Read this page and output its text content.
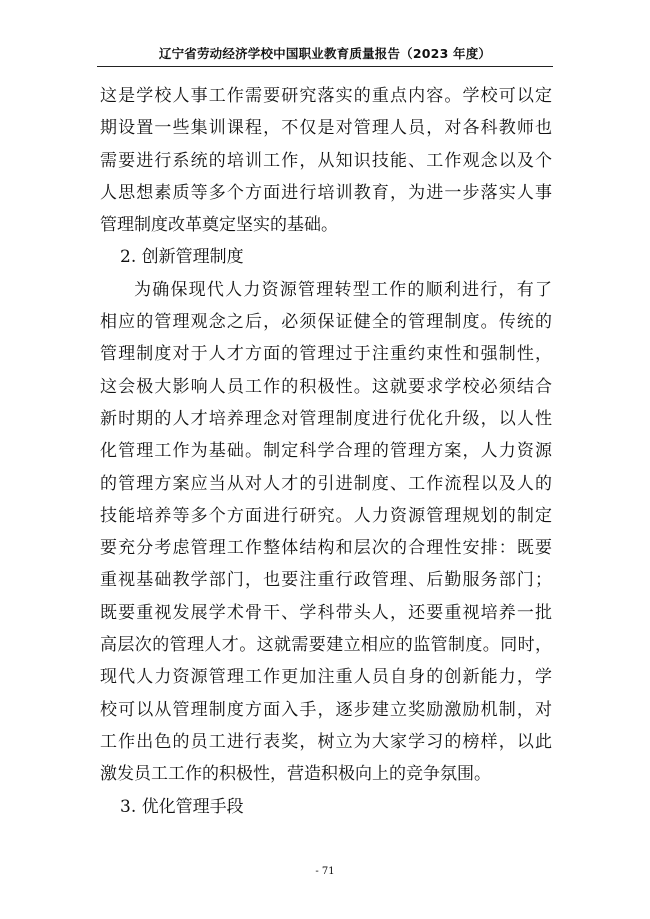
辽宁省劳动经济学校中国职业教育质量报告（2023 年度）
这是学校人事工作需要研究落实的重点内容。学校可以定
期设置一些集训课程，不仅是对管理人员，对各科教师也
需要进行系统的培训工作，从知识技能、工作观念以及个
人思想素质等多个方面进行培训教育，为进一步落实人事
管理制度改革奠定坚实的基础。
2. 创新管理制度
为确保现代人力资源管理转型工作的顺利进行，有了
相应的管理观念之后，必须保证健全的管理制度。传统的
管理制度对于人才方面的管理过于注重约束性和强制性，
这会极大影响人员工作的积极性。这就要求学校必须结合
新时期的人才培养理念对管理制度进行优化升级，以人性
化管理工作为基础。制定科学合理的管理方案，人力资源
的管理方案应当从对人才的引进制度、工作流程以及人的
技能培养等多个方面进行研究。人力资源管理规划的制定
要充分考虑管理工作整体结构和层次的合理性安排：既要
重视基础教学部门，也要注重行政管理、后勤服务部门；
既要重视发展学术骨干、学科带头人，还要重视培养一批
高层次的管理人才。这就需要建立相应的监管制度。同时，
现代人力资源管理工作更加注重人员自身的创新能力，学
校可以从管理制度方面入手，逐步建立奖励激励机制，对
工作出色的员工进行表奖，树立为大家学习的榜样，以此
激发员工工作的积极性，营造积极向上的竞争氛围。
3. 优化管理手段
- 71
